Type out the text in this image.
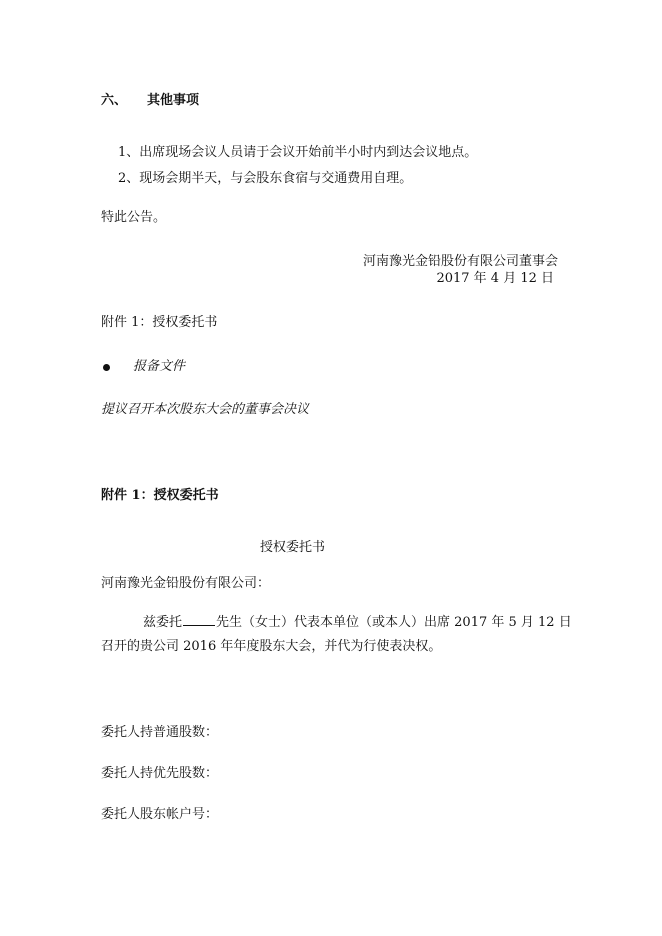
六、 其他事项
1、出席现场会议人员请于会议开始前半小时内到达会议地点。
2、现场会期半天，与会股东食宿与交通费用自理。
特此公告。
河南豫光金铅股份有限公司董事会
2017 年 4 月 12 日
附件 1：授权委托书
报备文件
提议召开本次股东大会的董事会决议
附件 1：授权委托书
授权委托书
河南豫光金铅股份有限公司：
兹委托	先生（女士）代表本单位（或本人）出席 2017 年 5 月 12 日
召开的贵公司 2016 年年度股东大会，并代为行使表决权。
委托人持普通股数：
委托人持优先股数：
委托人股东帐户号：
